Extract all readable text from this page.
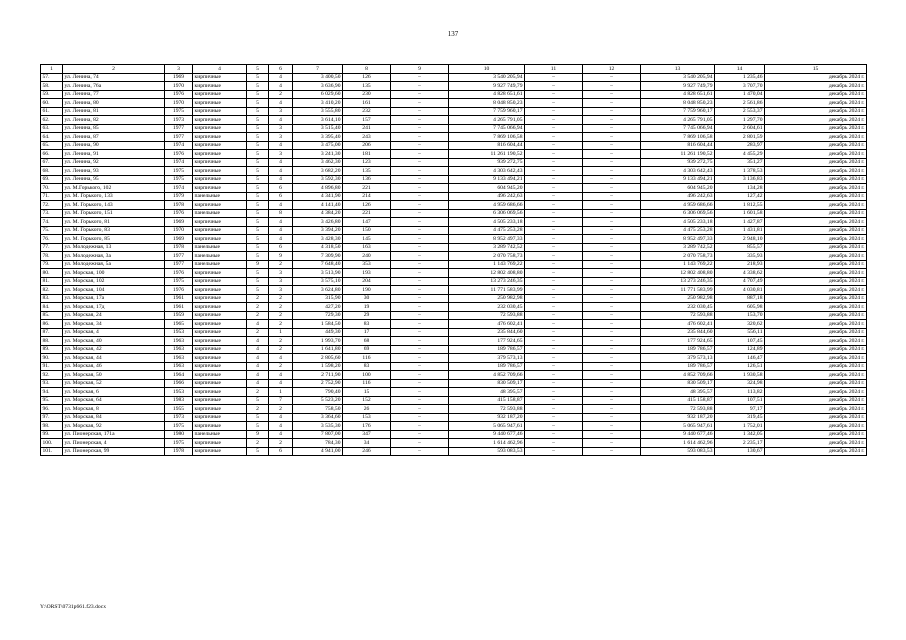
137
1	2	3	4	5	6	7	8	9	10	11	12	13	14	15
57.	ул. Ленина, 74	1969	кирпичные	5	4	3 400,50	126	–	3 540 205,94	–	–	3 540 205,94	1 235,46	декабрь 2024 г.
58.	ул. Ленина, 76а	1970	кирпичные	5	4	3 636,90	135	–	9 927 749,79	–	–	9 927 749,79	3 707,70	декабрь 2024 г.
59.	ул. Ленина, 77	1976	кирпичные	5	2	6 029,60	230	–	4 828 651,61	–	–	4 828 651,61	1 470,04	декабрь 2024 г.
60.	ул. Ленина, 80	1970	кирпичные	5	4	3 410,20	161	–	8 048 850,23	–	–	8 048 850,23	2 561,86	декабрь 2024 г.
61.	ул. Ленина, 81	1975	кирпичные	5	3	3 555,80	232	–	7 759 960,17	–	–	7 759 960,17	2 553,37	декабрь 2024 г.
62.	ул. Ленина, 82	1973	кирпичные	5	4	3 614,10	157	–	4 265 791,05	–	–	4 265 791,05	1 297,70	декабрь 2024 г.
63.	ул. Ленина, 85	1977	кирпичные	5	3	3 515,40	241	–	7 745 066,94	–	–	7 745 066,94	2 604,61	декабрь 2024 г.
64.	ул. Ленина, 87	1977	кирпичные	5	3	3 395,40	243	–	7 869 106,58	–	–	7 869 106,58	2 801,59	декабрь 2024 г.
65.	ул. Ленина, 90	1974	кирпичные	5	4	3 475,00	206	–	816 604,44	–	–	816 604,44	283,97	декабрь 2024 г.
66.	ул. Ленина, 91	1976	кирпичные	5	3	3 241,30	181	–	11 261 190,52	–	–	11 261 190,52	4 455,29	декабрь 2024 г.
67.	ул. Ленина, 92	1974	кирпичные	5	4	3 462,30	123	–	939 272,75	–	–	939 272,75	351,27	декабрь 2024 г.
68.	ул. Ленина, 93	1975	кирпичные	5	4	3 682,20	135	–	4 303 642,43	–	–	4 303 642,43	1 378,53	декабрь 2024 г.
69.	ул. Ленина, 95	1975	кирпичные	5	4	3 592,30	136	–	9 133 494,21	–	–	9 133 494,21	3 136,83	декабрь 2024 г.
70.	ул. М.Горького, 102	1974	кирпичные	5	6	4 896,80	221	–	604 945,20	–	–	604 945,20	134,28	декабрь 2024 г.
71.	ул. М. Горького, 133	1979	панельные	5	6	4 341,90	214	–	496 242,63	–	–	496 242,63	127,42	декабрь 2024 г.
72.	ул. М. Горького, 143	1978	кирпичные	5	4	4 141,40	126	–	4 959 686,66	–	–	4 959 686,66	1 812,55	декабрь 2024 г.
73.	ул. М. Горького, 151	1976	панельные	5	8	4 384,20	221	–	6 306 069,56	–	–	6 306 069,56	1 601,58	декабрь 2024 г.
74.	ул. М. Горького, 81	1969	кирпичные	5	4	3 426,80	147	–	4 505 233,18	–	–	4 505 233,18	1 427,87	декабрь 2024 г.
75.	ул. М. Горького, 83	1970	кирпичные	5	4	3 394,20	150	–	4 475 253,28	–	–	4 475 253,28	1 431,81	декабрь 2024 г.
76.	ул. М. Горького, 85	1969	кирпичные	5	4	3 428,30	145	–	8 952 497,33	–	–	8 952 497,33	2 948,10	декабрь 2024 г.
77.	ул. Молодежная, 13	1978	панельные	5	6	4 318,50	163	–	3 289 742,52	–	–	3 289 742,52	855,57	декабрь 2024 г.
78.	ул. Молодежная, 3а	1977	панельные	5	9	7 309,90	240	–	2 070 758,73	–	–	2 070 758,73	335,93	декабрь 2024 г.
79.	ул. Молодежная, 5а	1977	панельные	9	2	7 648,40	353	–	1 143 769,22	–	–	1 143 769,22	218,93	декабрь 2024 г.
80.	ул. Морская, 100	1976	кирпичные	5	3	3 513,90	193	–	12 802 408,80	–	–	12 802 408,80	4 338,62	декабрь 2024 г.
81.	ул. Морская, 102	1975	кирпичные	5	3	3 575,10	204	–	13 273 246,35	–	–	13 273 246,35	4 707,49	декабрь 2024 г.
82.	ул. Морская, 104	1976	кирпичные	5	3	3 624,80	190	–	11 771 583,99	–	–	11 771 583,99	4 030,81	декабрь 2024 г.
83.	ул. Морская, 17а	1961	кирпичные	2	2	315,90	30	–	250 982,98	–	–	250 982,98	887,18	декабрь 2024 г.
84.	ул. Морская, 17д	1961	кирпичные	2	2	427,20	19	–	232 030,45	–	–	232 030,45	605,98	декабрь 2024 г.
85.	ул. Морская, 24	1959	кирпичные	2	2	729,30	29	–	72 593,88	–	–	72 593,88	153,70	декабрь 2024 г.
86.	ул. Морская, 34	1965	кирпичные	4	2	1 584,50	83	–	476 602,41	–	–	476 602,41	320,62	декабрь 2024 г.
87.	ул. Морская, 4	1953	кирпичные	2	1	449,30	17	–	235 844,60	–	–	235 844,60	556,11	декабрь 2024 г.
88.	ул. Морская, 40	1963	кирпичные	4	2	1 993,70	68	–	177 924,65	–	–	177 924,65	107,45	декабрь 2024 г.
89.	ул. Морская, 42	1963	кирпичные	4	2	1 641,80	69	–	189 786,57	–	–	189 786,57	124,89	декабрь 2024 г.
90.	ул. Морская, 44	1963	кирпичные	4	4	2 805,60	116	–	379 573,13	–	–	379 573,13	146,47	декабрь 2024 г.
91.	ул. Морская, 46	1963	кирпичные	4	2	1 598,20	83	–	189 786,57	–	–	189 786,57	126,51	декабрь 2024 г.
92.	ул. Морская, 50	1964	кирпичные	4	4	2 711,90	100	–	4 852 709,66	–	–	4 852 709,66	1 930,58	декабрь 2024 г.
93.	ул. Морская, 52	1966	кирпичные	4	4	2 752,90	116	–	830 509,17	–	–	830 509,17	324,98	декабрь 2024 г.
94.	ул. Морская, 6	1953	кирпичные	2	1	790,40	15	–	48 395,57	–	–	48 395,57	113,82	декабрь 2024 г.
95.	ул. Морская, 64	1983	кирпичные	5	7	5 523,20	152	–	415 158,87	–	–	415 158,87	107,51	декабрь 2024 г.
96.	ул. Морская, 8	1955	кирпичные	2	2	758,50	26	–	72 593,88	–	–	72 593,88	97,17	декабрь 2024 г.
97.	ул. Морская, 84	1973	кирпичные	5	4	3 364,60	153	–	932 187,20	–	–	932 187,20	319,45	декабрь 2024 г.
98.	ул. Морская, 92	1975	кирпичные	5	4	3 535,30	176	–	5 065 947,61	–	–	5 065 947,61	1 752,01	декабрь 2024 г.
99.	ул. Пионерская, 171а	1980	панельные	9	4	7 807,00	347	–	9 440 677,46	–	–	9 440 677,46	1 342,05	декабрь 2024 г.
100.	ул. Пионерская, 4	1975	кирпичные	2	2	784,30	34	–	1 614 462,96	–	–	1 614 462,96	2 235,17	декабрь 2024 г.
101.	ул. Пионерская, 99	1978	кирпичные	5	6	4 941,00	246	–	593 083,53	–	–	593 083,53	130,67	декабрь 2024 г.
Y:\ORST\0731p661.f23.docx
